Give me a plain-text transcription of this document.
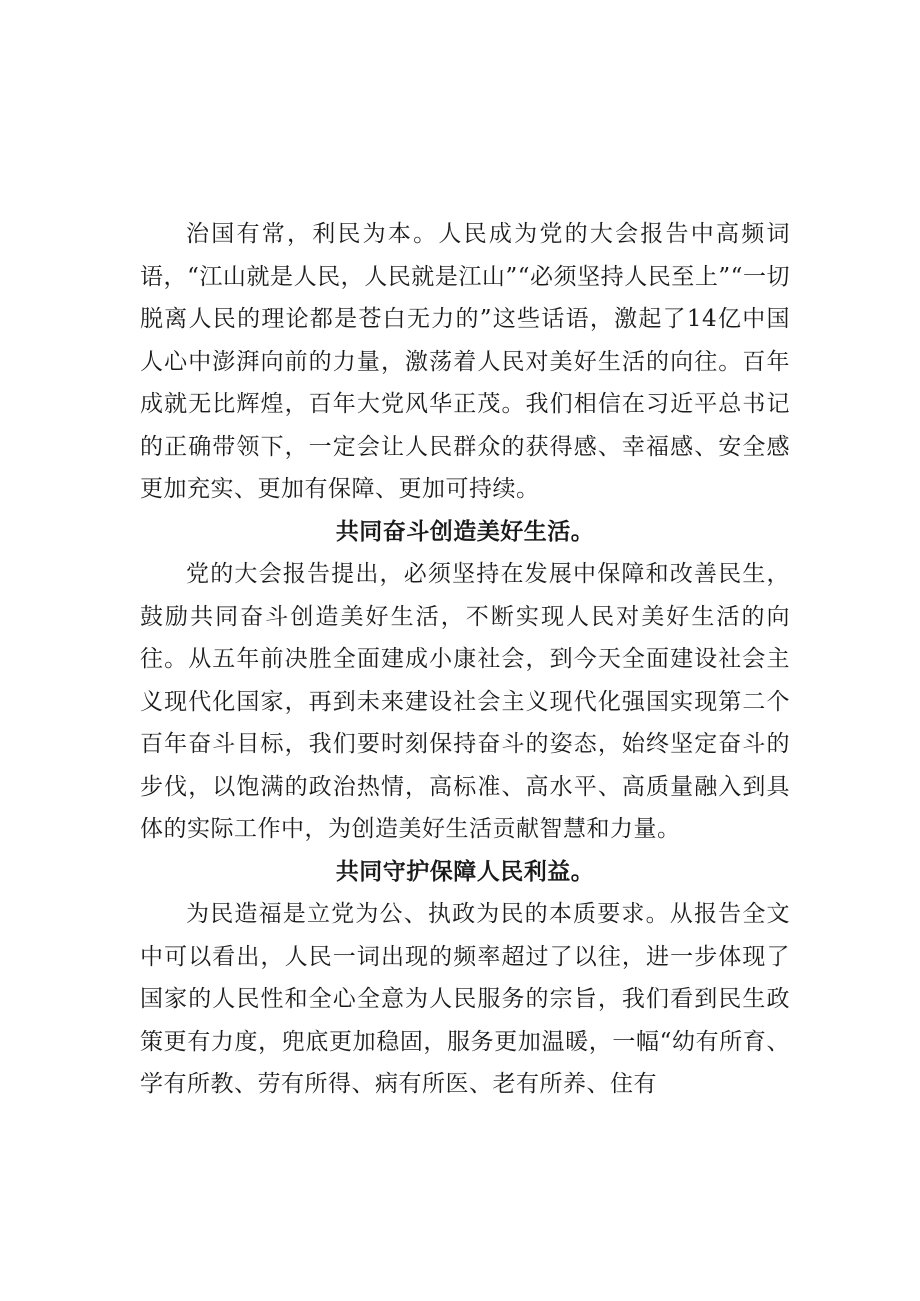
治国有常，利民为本。人民成为党的大会报告中高频词语，“江山就是人民，人民就是江山”“必须坚持人民至上”“一切脱离人民的理论都是苍白无力的”这些话语，激起了14亿中国人心中澎湃向前的力量，激荡着人民对美好生活的向往。百年成就无比辉煌，百年大党风华正茂。我们相信在习近平总书记的正确带领下，一定会让人民群众的获得感、幸福感、安全感更加充实、更加有保障、更加可持续。

共同奋斗创造美好生活。

党的大会报告提出，必须坚持在发展中保障和改善民生，鼓励共同奋斗创造美好生活，不断实现人民对美好生活的向往。从五年前决胜全面建成小康社会，到今天全面建设社会主义现代化国家，再到未来建设社会主义现代化强国实现第二个百年奋斗目标，我们要时刻保持奋斗的姿态，始终坚定奋斗的步伐，以饱满的政治热情，高标准、高水平、高质量融入到具体的实际工作中，为创造美好生活贡献智慧和力量。

共同守护保障人民利益。

为民造福是立党为公、执政为民的本质要求。从报告全文中可以看出，人民一词出现的频率超过了以往，进一步体现了国家的人民性和全心全意为人民服务的宗旨，我们看到民生政策更有力度，兜底更加稳固，服务更加温暖，一幅“幼有所育、学有所教、劳有所得、病有所医、老有所养、住有
